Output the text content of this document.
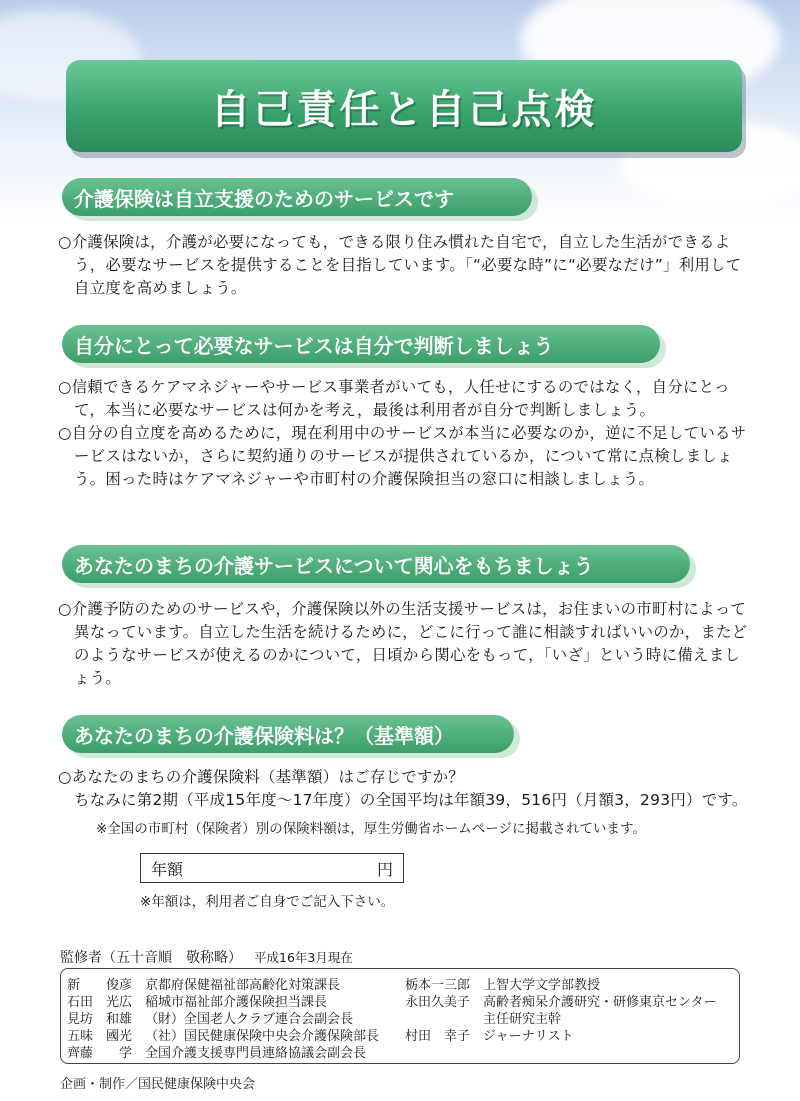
自己責任と自己点検
介護保険は自立支援のためのサービスです

○介護保険は，介護が必要になっても，できる限り住み慣れた自宅で，自立した生活ができるよう，必要なサービスを提供することを目指しています。「“必要な時”に“必要なだけ”」利用して自立度を高めましょう。

自分にとって必要なサービスは自分で判断しましょう

○信頼できるケアマネジャーやサービス事業者がいても，人任せにするのではなく，自分にとって，本当に必要なサービスは何かを考え，最後は利用者が自分で判断しましょう。

○自分の自立度を高めるために，現在利用中のサービスが本当に必要なのか，逆に不足しているサービスはないか，さらに契約通りのサービスが提供されているか，について常に点検しましょう。困った時はケアマネジャーや市町村の介護保険担当の窓口に相談しましょう。

あなたのまちの介護サービスについて関心をもちましょう

○介護予防のためのサービスや，介護保険以外の生活支援サービスは，お住まいの市町村によって異なっています。自立した生活を続けるために，どこに行って誰に相談すればいいのか，またどのようなサービスが使えるのかについて，日頃から関心をもって，「いざ」という時に備えましょう。

あなたのまちの介護保険料は？（基準額）

○あなたのまちの介護保険料（基準額）はご存じですか？

ちなみに第2期（平成15年度～17年度）の全国平均は年額39，516円（月額3，293円）です。

※全国の市町村（保険者）別の保険料額は，厚生労働省ホームページに掲載されています。
年額	円
※年額は，利用者ご自身でご記入下さい。
監修者（五十音順　敬称略） 平成16年3月現在
新　　俊彦 京都府保健福祉部高齢化対策課長
石田　光広 稲城市福祉部介護保険担当課長
見坊　和雄 （財）全国老人クラブ連合会副会長
五味　國光 （社）国民健康保険中央会介護保険部長
齊藤　　学 全国介護支援専門員連絡協議会副会長
栃本一三郎 上智大学文学部教授
永田久美子 高齢者痴呆介護研究・研修東京センター
主任研究主幹
村田　幸子 ジャーナリスト
企画・制作／国民健康保険中央会
